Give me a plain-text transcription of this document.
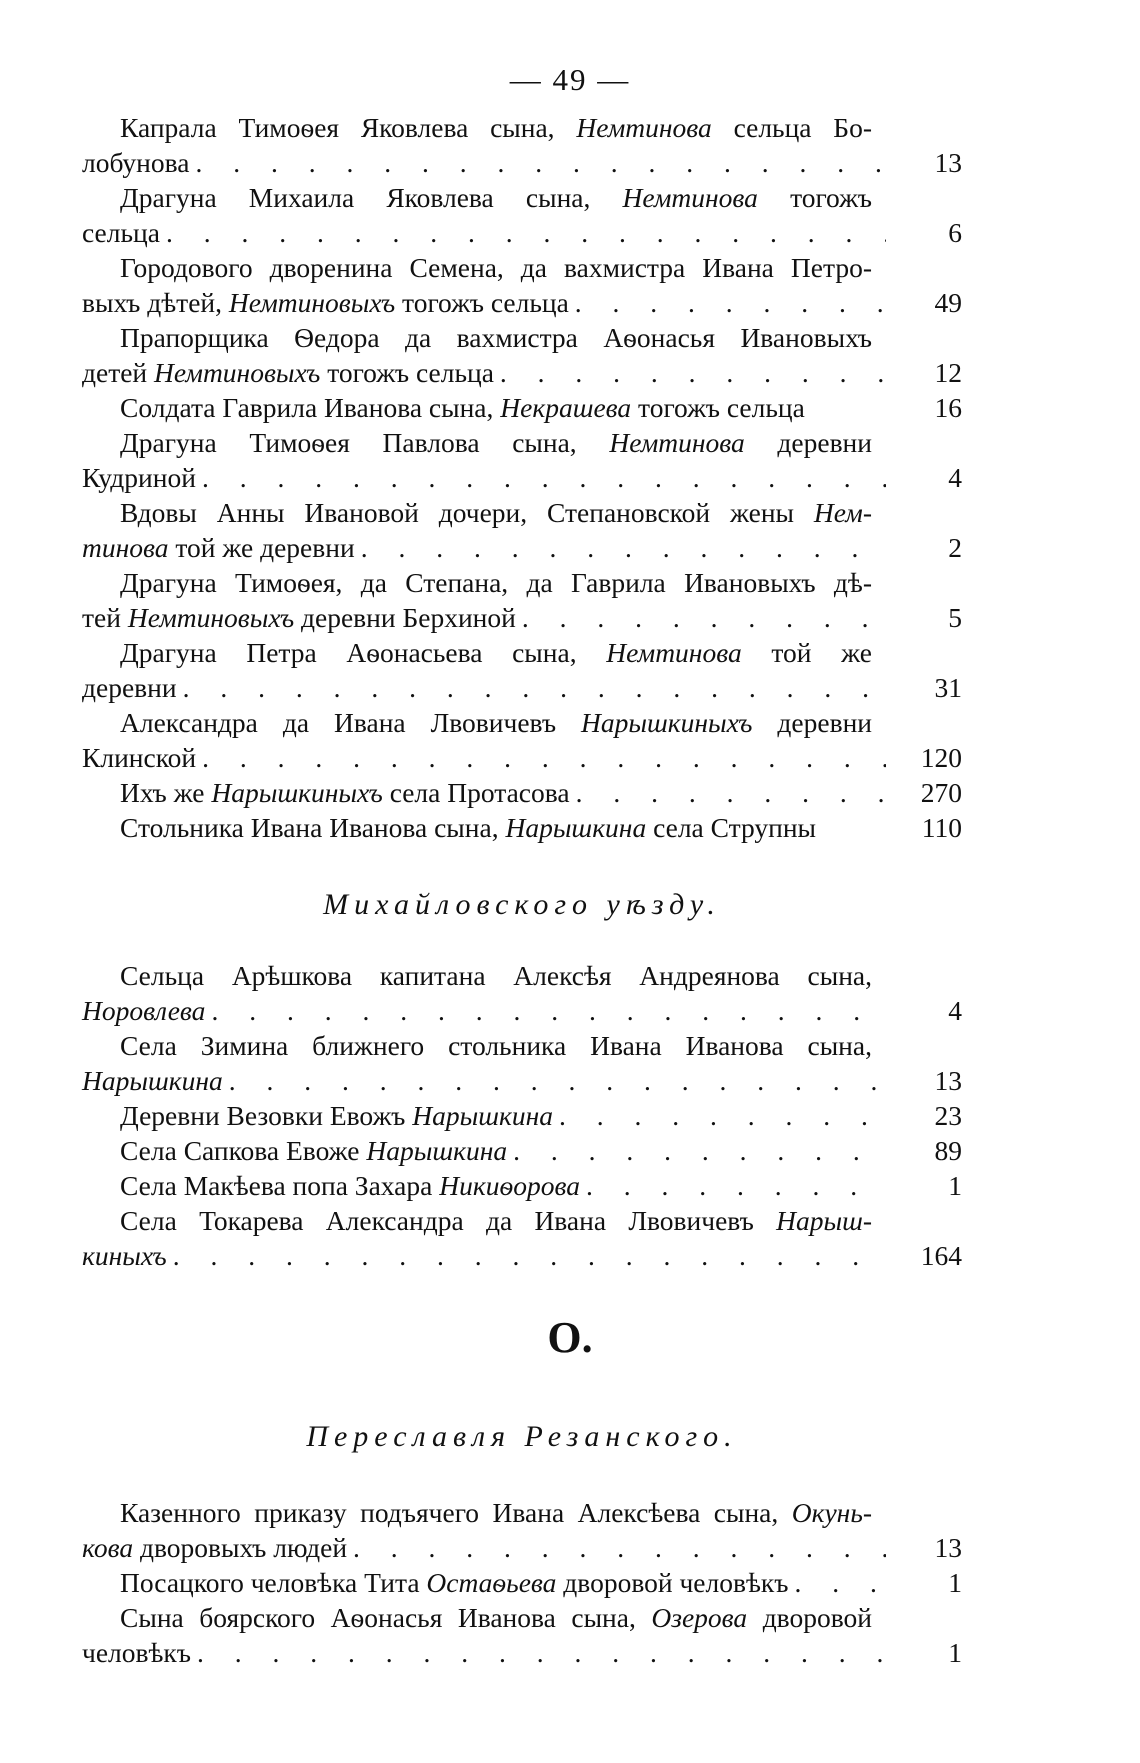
— 49 —
Капрала Тимоѳея Яковлева сына, Немтинова сельца Бо-
лобунова . . .	13
Драгуна Михаила Яковлева сына, Немтинова тогожъ
сельца . . .	6
Городового дворенина Семена, да вахмистра Ивана Петро-
выхъ дѣтей, Немтиновыхъ тогожъ сельца . . .	49
Прапорщика Ѳедора да вахмистра Аѳонасья Ивановыхъ
детей Немтиновыхъ тогожъ сельца . . .	12
Солдата Гаврила Иванова сына, Некрашева тогожъ сельца	16
Драгуна Тимоѳея Павлова сына, Немтинова деревни
Кудриной . . .	4
Вдовы Анны Ивановой дочери, Степановской жены Нем-
тинова той же деревни . . .	2
Драгуна Тимоѳея, да Степана, да Гаврила Ивановыхъ дѣ-
тей Немтиновыхъ деревни Берхиной . . .	5
Драгуна Петра Аѳонасьева сына, Немтинова той же
деревни . . .	31
Александра да Ивана Лвовичевъ Нарышкиныхъ деревни
Клинской . . .	120
Ихъ же Нарышкиныхъ села Протасова . . .	270
Стольника Ивана Иванова сына, Нарышкина села Струпны	110
Михайловского уѣзду.
Сельца Арѣшкова капитана Алексѣя Андреянова сына,
Норовлева . . .	4
Села Зимина ближнего стольника Ивана Иванова сына,
Нарышкина . . .	13
Деревни Везовки Евожъ Нарышкина . . .	23
Села Сапкова Евоже Нарышкина . . .	89
Села Макѣева попа Захара Никиѳорова . . .	1
Села Токарева Александра да Ивана Лвовичевъ Нарыш-
киныхъ . . .	164
О.
Переславля Резанского.
Казенного приказу подъячего Ивана Алексѣева сына, Окунь-
кова дворовыхъ людей . . .	13
Посацкого человѣка Тита Остаѳьева дворовой человѣкъ . . .	1
Сына боярского Аѳонасья Иванова сына, Озерова дворовой
человѣкъ . . .	1
